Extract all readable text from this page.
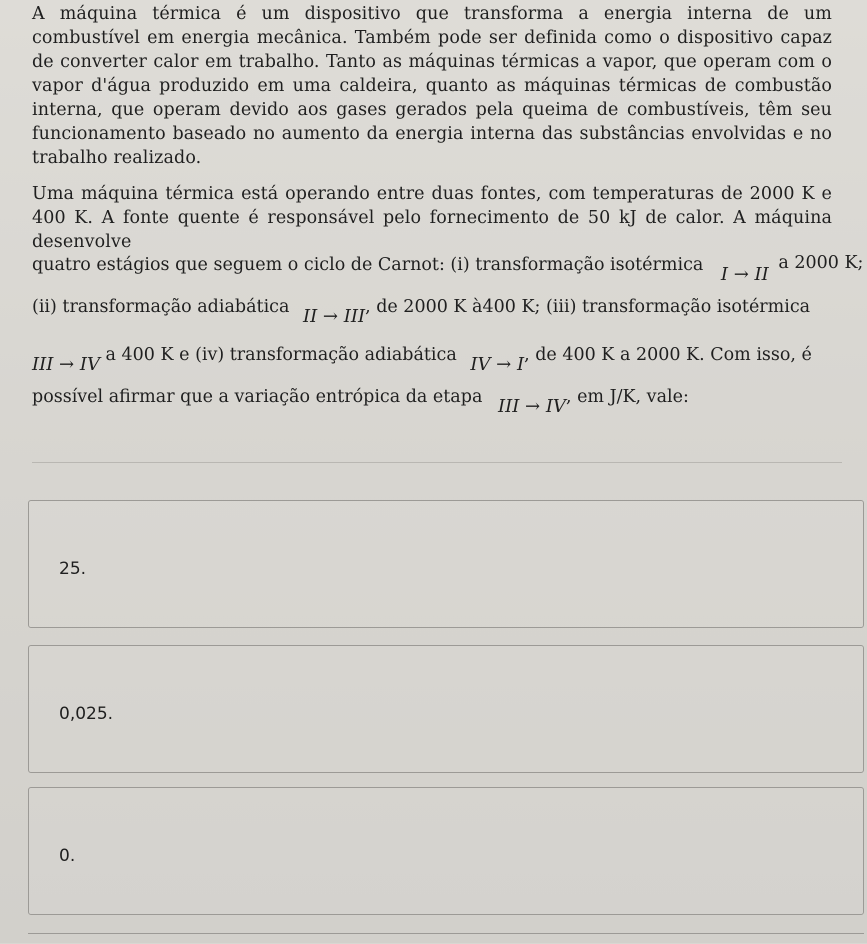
A máquina térmica é um dispositivo que transforma a energia interna de um combustível em energia mecânica. Também pode ser definida como o dispositivo capaz de converter calor em trabalho. Tanto as máquinas térmicas a vapor, que operam com o vapor d'água produzido em uma caldeira, quanto as máquinas térmicas de combustão interna, que operam devido aos gases gerados pela queima de combustíveis, têm seu funcionamento baseado no aumento da energia interna das substâncias envolvidas e no trabalho realizado.
Uma máquina térmica está operando entre duas fontes, com temperaturas de 2000 K e 400 K. A fonte quente é responsável pelo fornecimento de 50 kJ de calor. A máquina desenvolve
quatro estágios que seguem o ciclo de Carnot: (i) transformação isotérmica I → II a 2000 K;
(ii) transformação adiabática II → III, de 2000 K à400 K; (iii) transformação isotérmica
III → IV a 400 K e (iv) transformação adiabática IV → I, de 400 K a 2000 K. Com isso, é
possível afirmar que a variação entrópica da etapa III → IV, em J/K, vale:
25.
0,025.
0.
